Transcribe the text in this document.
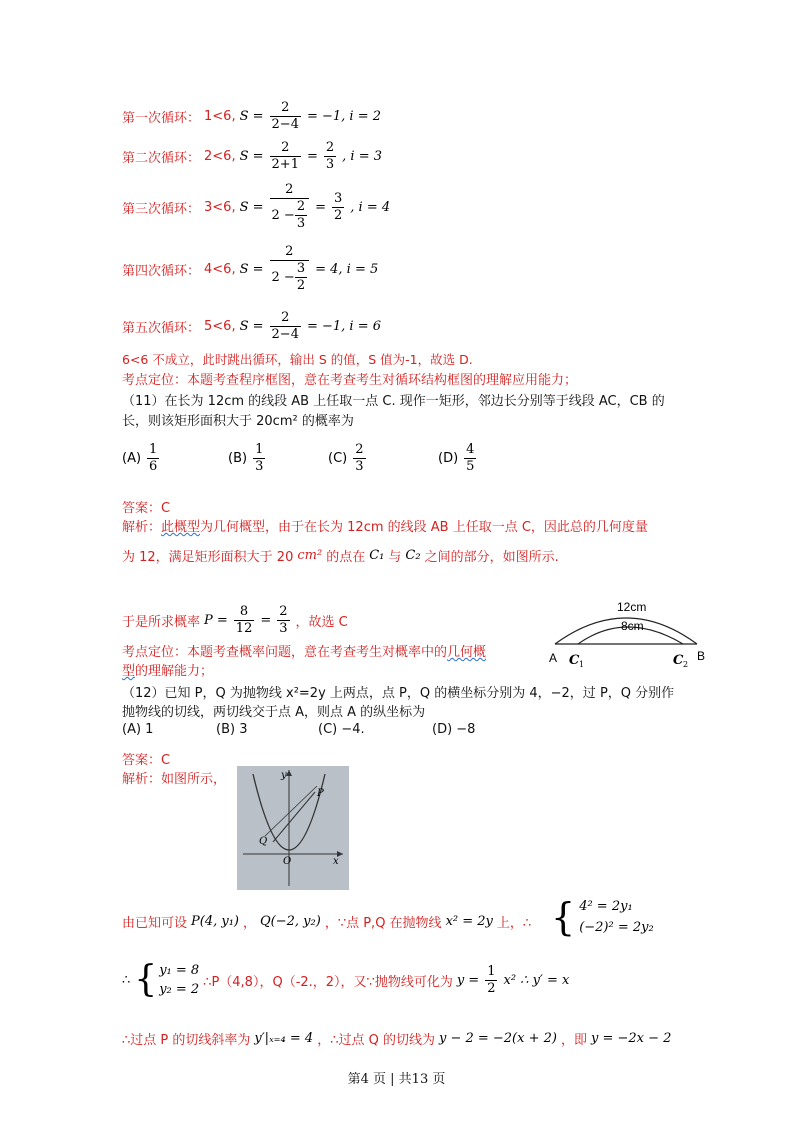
第一次循环： 1<6, $S = \frac{2}{2-4} = -1$, i = 2
第二次循环： 2<6, $S = \frac{2}{2+1} = \frac{2}{3}$ , i = 3
第三次循环： 3<6, $S = \frac{2}{2 - \frac{2}{3}} = \frac{3}{2}$ , i = 4
第四次循环： 4<6, $S = \frac{2}{2 - \frac{3}{2}} = 4$, i = 5
第五次循环： 5<6, $S = \frac{2}{2-4} = -1$, i = 6
6<6 不成立，此时跳出循环，输出 S 的值，S 值为-1，故选 D.
考点定位：本题考查程序框图，意在考查考生对循环结构框图的理解应用能力；
（11）在长为 12cm 的线段 AB 上任取一点 C. 现作一矩形，邻边长分别等于线段 AC，CB 的
长，则该矩形面积大于 20cm² 的概率为
$(A) \frac{1}{6}$	$(B) \frac{1}{3}$	$(C) \frac{2}{3}$	$(D) \frac{4}{5}$
答案：C
解析：此概型为几何概型，由于在长为 12cm 的线段 AB 上任取一点 C，因此总的几何度量
为 12，满足矩形面积大于 20 cm² 的点在 C₁ 与 C₂ 之间的部分，如图所示.
于是所求概率 $P = \frac{8}{12} = \frac{2}{3}$ ，故选 C
考点定位：本题考查概率问题，意在考查考生对概率中的几何概
型的理解能力；
12cm
8cm
A C 1	C 2
B
（12）已知 P，Q 为抛物线 x²=2y 上两点，点 P，Q 的横坐标分别为 4，−2，过 P，Q 分别作
抛物线的切线，两切线交于点 A，则点 A 的纵坐标为
(A) 1	(B) 3	(C) −4.	(D) −8
答案：C
解析：如图所示，	y
x
P
Q
O
由已知可设 P(4, y₁) ， Q(−2, y₂) ，∵点 P,Q 在抛物线 x² = 2y 上，∴ { 4² = 2y₁
(−2)² = 2y₂
∴ { y₁ = 8
y₂ = 2 ∴P（4,8），Q（-2.，2），又∵抛物线可化为 $y = \frac{1}{2} x^2$ ∴ y′ = x
∴过点 P 的切线斜率为 y′|ₓ₌₄ = 4 ，∴过点 Q 的切线为 y − 2 = −2(x + 2) ，即 y = −2x − 2
第4 页 | 共13 页
